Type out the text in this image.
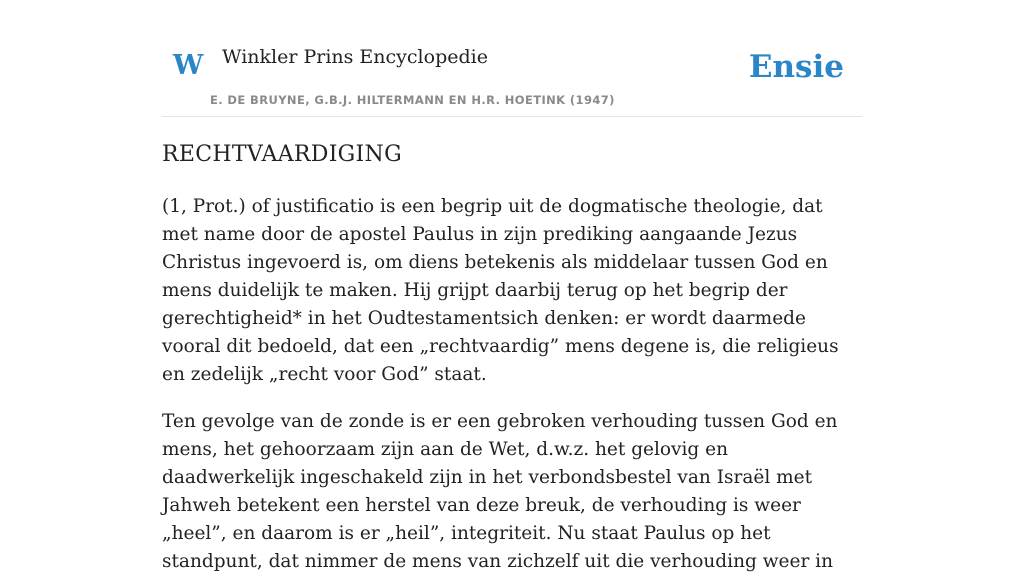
W Winkler Prins Encyclopedie
E. DE BRUYNE, G.B.J. HILTERMANN EN H.R. HOETINK (1947)
Ensie
RECHTVAARDIGING

(1, Prot.) of justificatio is een begrip uit de dogmatische theologie, dat met name door de apostel Paulus in zijn prediking aangaande Jezus Christus ingevoerd is, om diens betekenis als middelaar tussen God en mens duidelijk te maken. Hij grijpt daarbij terug op het begrip der gerechtigheid* in het Oudtestamentsich denken: er wordt daarmede vooral dit bedoeld, dat een „rechtvaardig” mens degene is, die religieus en zedelijk „recht voor God” staat.

Ten gevolge van de zonde is er een gebroken verhouding tussen God en mens, het gehoorzaam zijn aan de Wet, d.w.z. het gelovig en daadwerkelijk ingeschakeld zijn in het verbondsbestel van Israël met Jahweh betekent een herstel van deze breuk, de verhouding is weer „heel”, en daarom is er „heil”, integriteit. Nu staat Paulus op het standpunt, dat nimmer de mens van zichzelf uit die verhouding weer in
